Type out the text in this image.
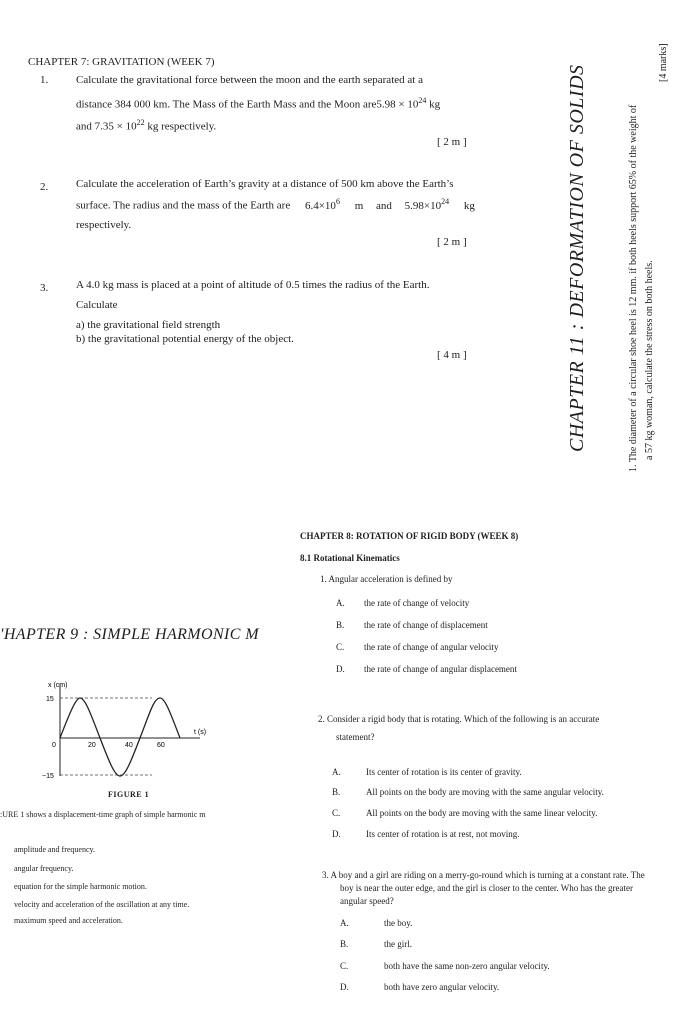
CHAPTER 7: GRAVITATION (WEEK 7)
1.	Calculate the gravitational force between the moon and the earth separated at a
distance 384 000 km. The Mass of the Earth Mass and the Moon $are5.98 \times 10^{24}$ kg
and $7.35 \times 10^{22}$ kg respectively.
[ 2 m ]
2.	Calculate the acceleration of Earth’s gravity at a distance of 500 km above the Earth’s
surface. The radius and the mass of the Earth are $6.4\times 10^6$ m and $5.98\times 10^{24}$ kg
respectively.
[ 2 m ]
3.	A 4.0 kg mass is placed at a point of altitude of 0.5 times the radius of the Earth.
Calculate
a) the gravitational field strength
b) the gravitational potential energy of the object.
[ 4 m ]	CHAPTER 11 : DEFORMATION OF SOLIDS	1. The diameter of a circular shoe heel is 12 mm. if both heels support 65% of the weight of a 57 kg woman, calculate the stress on both heels.
[4 marks]
CHAPTER 8: ROTATION OF RIGID BODY (WEEK 8)
8.1 Rotational Kinematics
1. Angular acceleration is defined by
A. the rate of change of velocity
B. the rate of change of displacement
C. the rate of change of angular velocity
D. the rate of change of angular displacement
2. Consider a rigid body that is rotating. Which of the following is an accurate
statement?
A.	Its center of rotation is its center of gravity.
B.	All points on the body are moving with the same angular velocity.
C.	All points on the body are moving with the same linear velocity.
D.	Its center of rotation is at rest, not moving.
3. A boy and a girl are riding on a merry-go-round which is turning at a constant rate. The
boy is near the outer edge, and the girl is closer to the center. Who has the greater
angular speed?
A.	the boy.
B.	the girl.
C.	both have the same non-zero angular velocity.
D.	both have zero angular velocity.
'HAPTER 9 : SIMPLE HARMONIC M
x (cm)
t (s)
15
0
−15
20	40	60
FIGURE 1
:URE 1 shows a displacement-time graph of simple harmonic m
amplitude and frequency.
angular frequency.
equation for the simple harmonic motion.
velocity and acceleration of the oscillation at any time.
maximum speed and acceleration.
